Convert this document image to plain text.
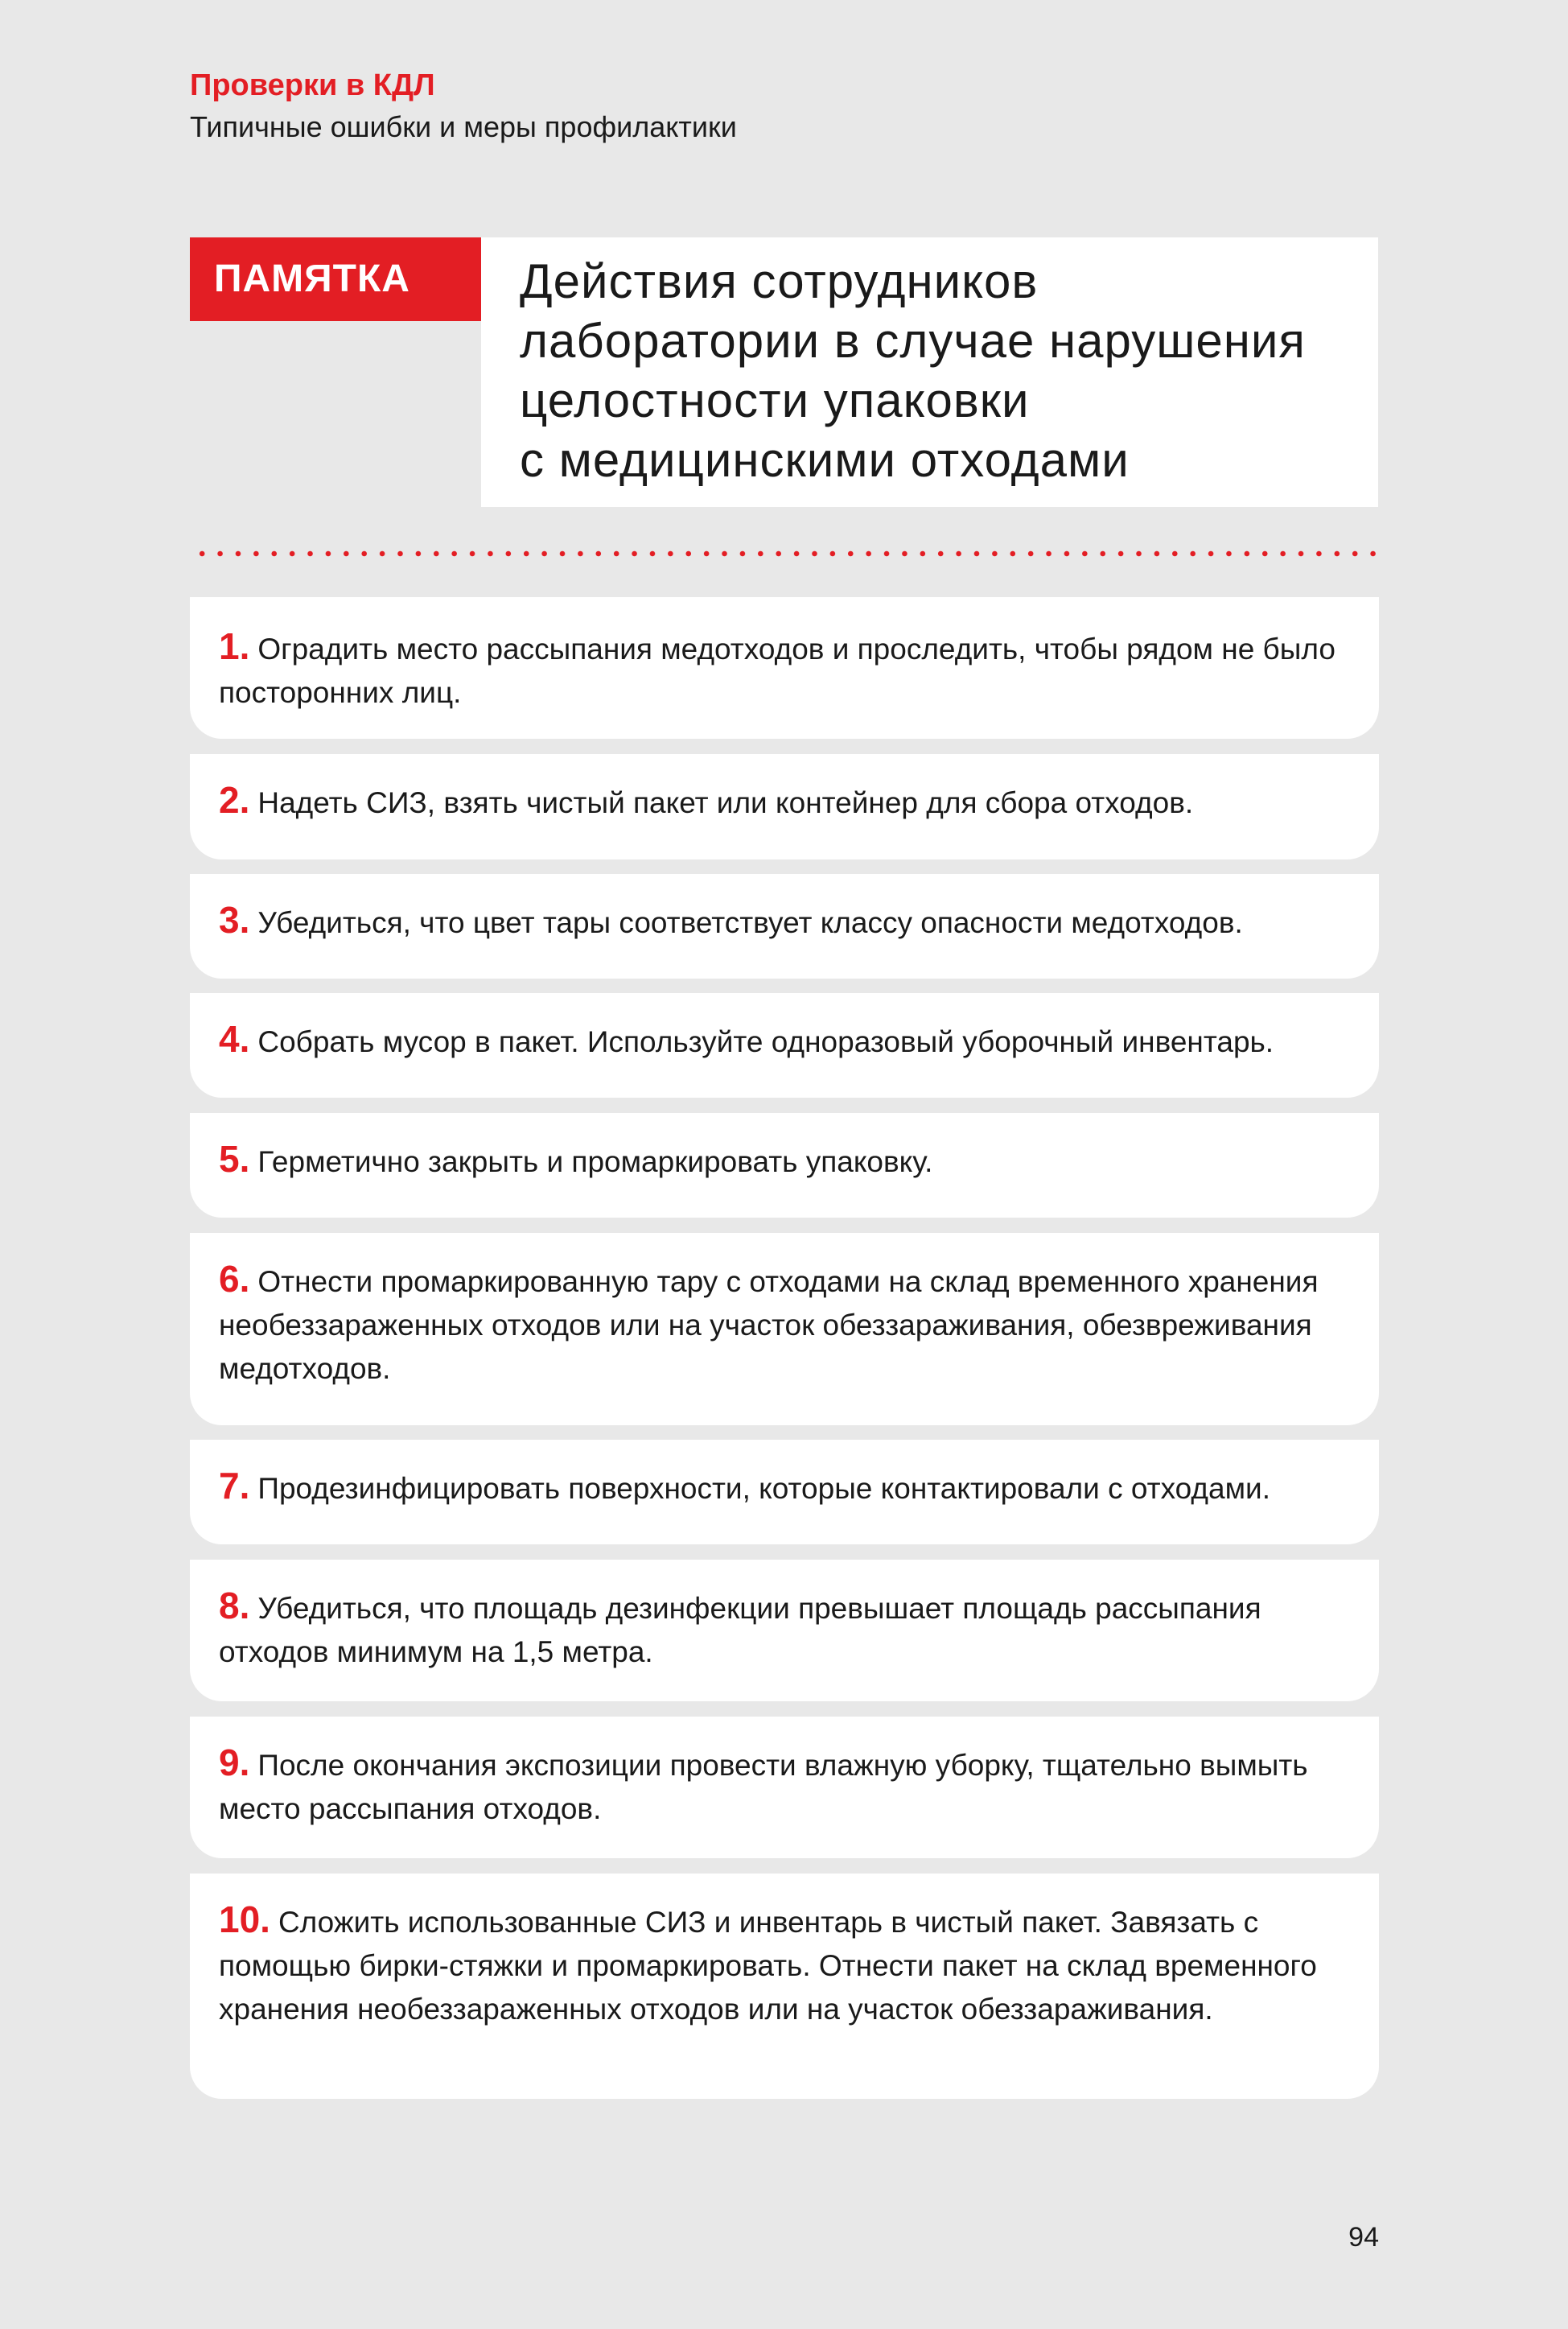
Проверки в КДЛ
Типичные ошибки и меры профилактики
ПАМЯТКА	Действия сотрудников
лаборатории в случае нарушения
целостности упаковки
с медицинскими отходами
1. Оградить место рассыпания медотходов и проследить, чтобы рядом не было посторонних лиц.
2. Надеть СИЗ, взять чистый пакет или контейнер для сбора отходов.
3. Убедиться, что цвет тары соответствует классу опасности медотходов.
4. Собрать мусор в пакет. Используйте одноразовый уборочный инвентарь.
5. Герметично закрыть и промаркировать упаковку.
6. Отнести промаркированную тару с отходами на склад временного хранения необеззараженных отходов или на участок обеззараживания, обезвреживания медотходов.
7. Продезинфицировать поверхности, которые контактировали с отходами.
8. Убедиться, что площадь дезинфекции превышает площадь рассыпания отходов минимум на 1,5 метра.
9. После окончания экспозиции провести влажную уборку, тщательно вымыть место рассыпания отходов.
10. Сложить использованные СИЗ и инвентарь в чистый пакет. Завязать с помощью бирки-стяжки и промаркировать. Отнести пакет на склад временного хранения необеззараженных отходов или на участок обеззараживания.
94
